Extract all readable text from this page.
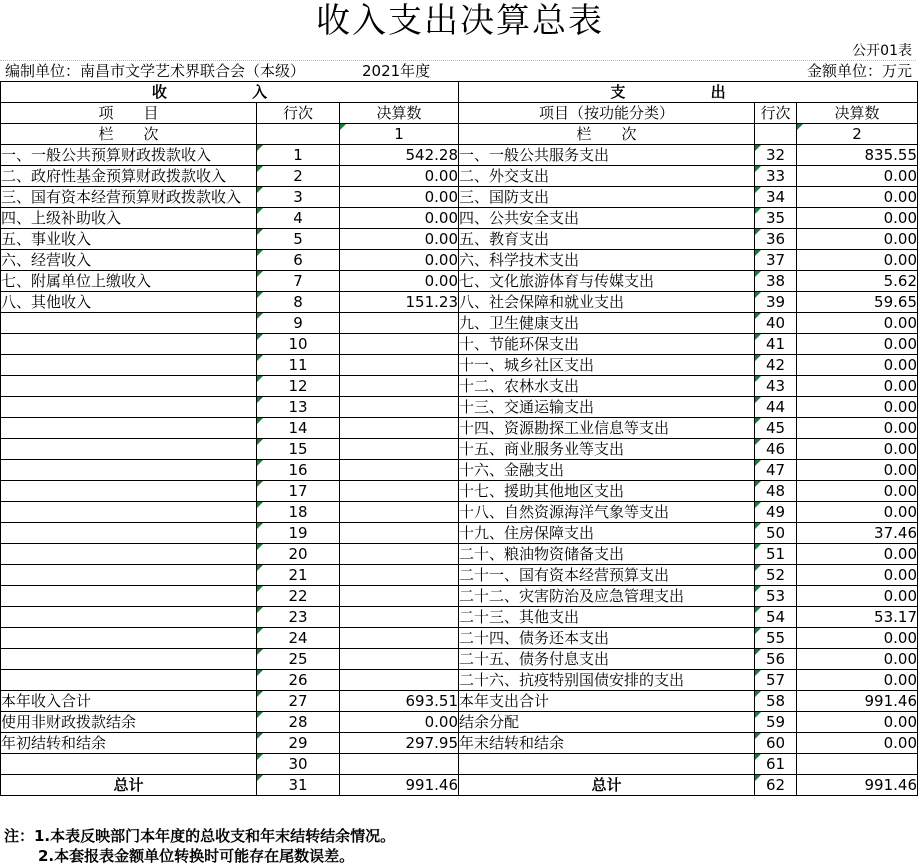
收入支出决算总表
公开01表
编制单位：南昌市文学艺术界联合会（本级）	2021年度	金额单位：万元
收 入			支 出		
项　　目	行次	决算数	项目（按功能分类）	行次	决算数
栏　　次		1	栏　　次		2
一、一般公共预算财政拨款收入	1	542.28	一、一般公共服务支出	32	835.55
二、政府性基金预算财政拨款收入	2	0.00	二、外交支出	33	0.00
三、国有资本经营预算财政拨款收入	3	0.00	三、国防支出	34	0.00
四、上级补助收入	4	0.00	四、公共安全支出	35	0.00
五、事业收入	5	0.00	五、教育支出	36	0.00
六、经营收入	6	0.00	六、科学技术支出	37	0.00
七、附属单位上缴收入	7	0.00	七、文化旅游体育与传媒支出	38	5.62
八、其他收入	8	151.23	八、社会保障和就业支出	39	59.65
	9		九、卫生健康支出	40	0.00
	10		十、节能环保支出	41	0.00
	11		十一、城乡社区支出	42	0.00
	12		十二、农林水支出	43	0.00
	13		十三、交通运输支出	44	0.00
	14		十四、资源勘探工业信息等支出	45	0.00
	15		十五、商业服务业等支出	46	0.00
	16		十六、金融支出	47	0.00
	17		十七、援助其他地区支出	48	0.00
	18		十八、自然资源海洋气象等支出	49	0.00
	19		十九、住房保障支出	50	37.46
	20		二十、粮油物资储备支出	51	0.00
	21		二十一、国有资本经营预算支出	52	0.00
	22		二十二、灾害防治及应急管理支出	53	0.00
	23		二十三、其他支出	54	53.17
	24		二十四、债务还本支出	55	0.00
	25		二十五、债务付息支出	56	0.00
	26		二十六、抗疫特别国债安排的支出	57	0.00
本年收入合计	27	693.51	本年支出合计	58	991.46
使用非财政拨款结余	28	0.00	结余分配	59	0.00
年初结转和结余	29	297.95	年末结转和结余	60	0.00
	30			61	
总计	31	991.46	总计	62	991.46
注：1.本表反映部门本年度的总收支和年末结转结余情况。
2.本套报表金额单位转换时可能存在尾数误差。
